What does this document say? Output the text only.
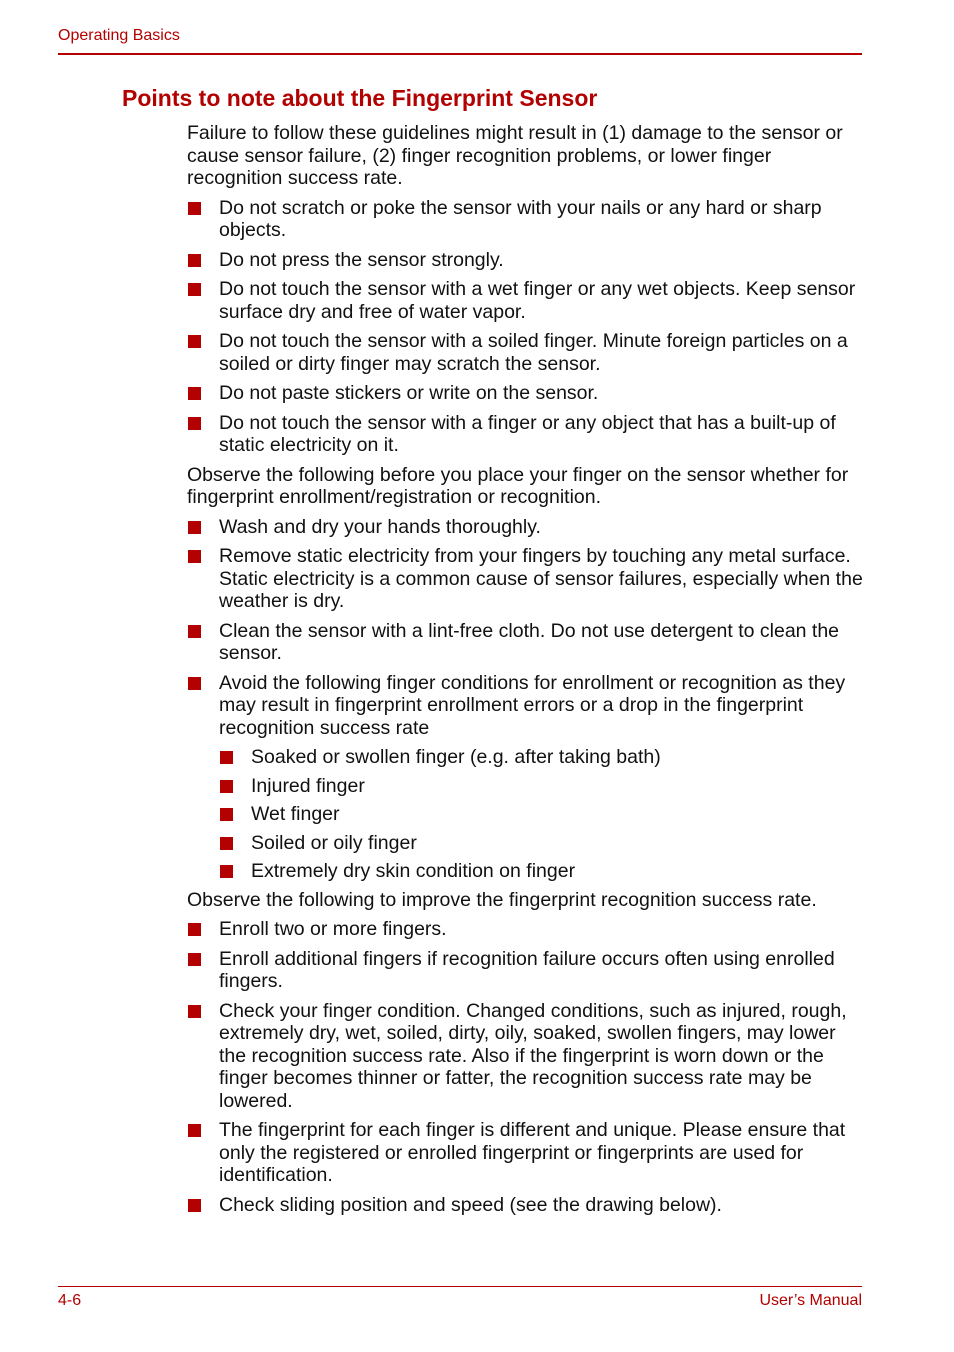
Operating Basics
Points to note about the Fingerprint Sensor

Failure to follow these guidelines might result in (1) damage to the sensor or cause sensor failure, (2) finger recognition problems, or lower finger recognition success rate.

Do not scratch or poke the sensor with your nails or any hard or sharp objects.
Do not press the sensor strongly.
Do not touch the sensor with a wet finger or any wet objects. Keep sensor surface dry and free of water vapor.
Do not touch the sensor with a soiled finger. Minute foreign particles on a soiled or dirty finger may scratch the sensor.
Do not paste stickers or write on the sensor.
Do not touch the sensor with a finger or any object that has a built-up of static electricity on it.

Observe the following before you place your finger on the sensor whether for fingerprint enrollment/registration or recognition.

Wash and dry your hands thoroughly.
Remove static electricity from your fingers by touching any metal surface. Static electricity is a common cause of sensor failures, especially when the weather is dry.
Clean the sensor with a lint-free cloth. Do not use detergent to clean the sensor.
Avoid the following finger conditions for enrollment or recognition as they may result in fingerprint enrollment errors or a drop in the fingerprint recognition success rate
Soaked or swollen finger (e.g. after taking bath)
Injured finger
Wet finger
Soiled or oily finger
Extremely dry skin condition on finger

Observe the following to improve the fingerprint recognition success rate.

Enroll two or more fingers.
Enroll additional fingers if recognition failure occurs often using enrolled fingers.
Check your finger condition. Changed conditions, such as injured, rough, extremely dry, wet, soiled, dirty, oily, soaked, swollen fingers, may lower the recognition success rate. Also if the fingerprint is worn down or the finger becomes thinner or fatter, the recognition success rate may be lowered.
The fingerprint for each finger is different and unique. Please ensure that only the registered or enrolled fingerprint or fingerprints are used for identification.
Check sliding position and speed (see the drawing below).
4-6	User’s Manual
